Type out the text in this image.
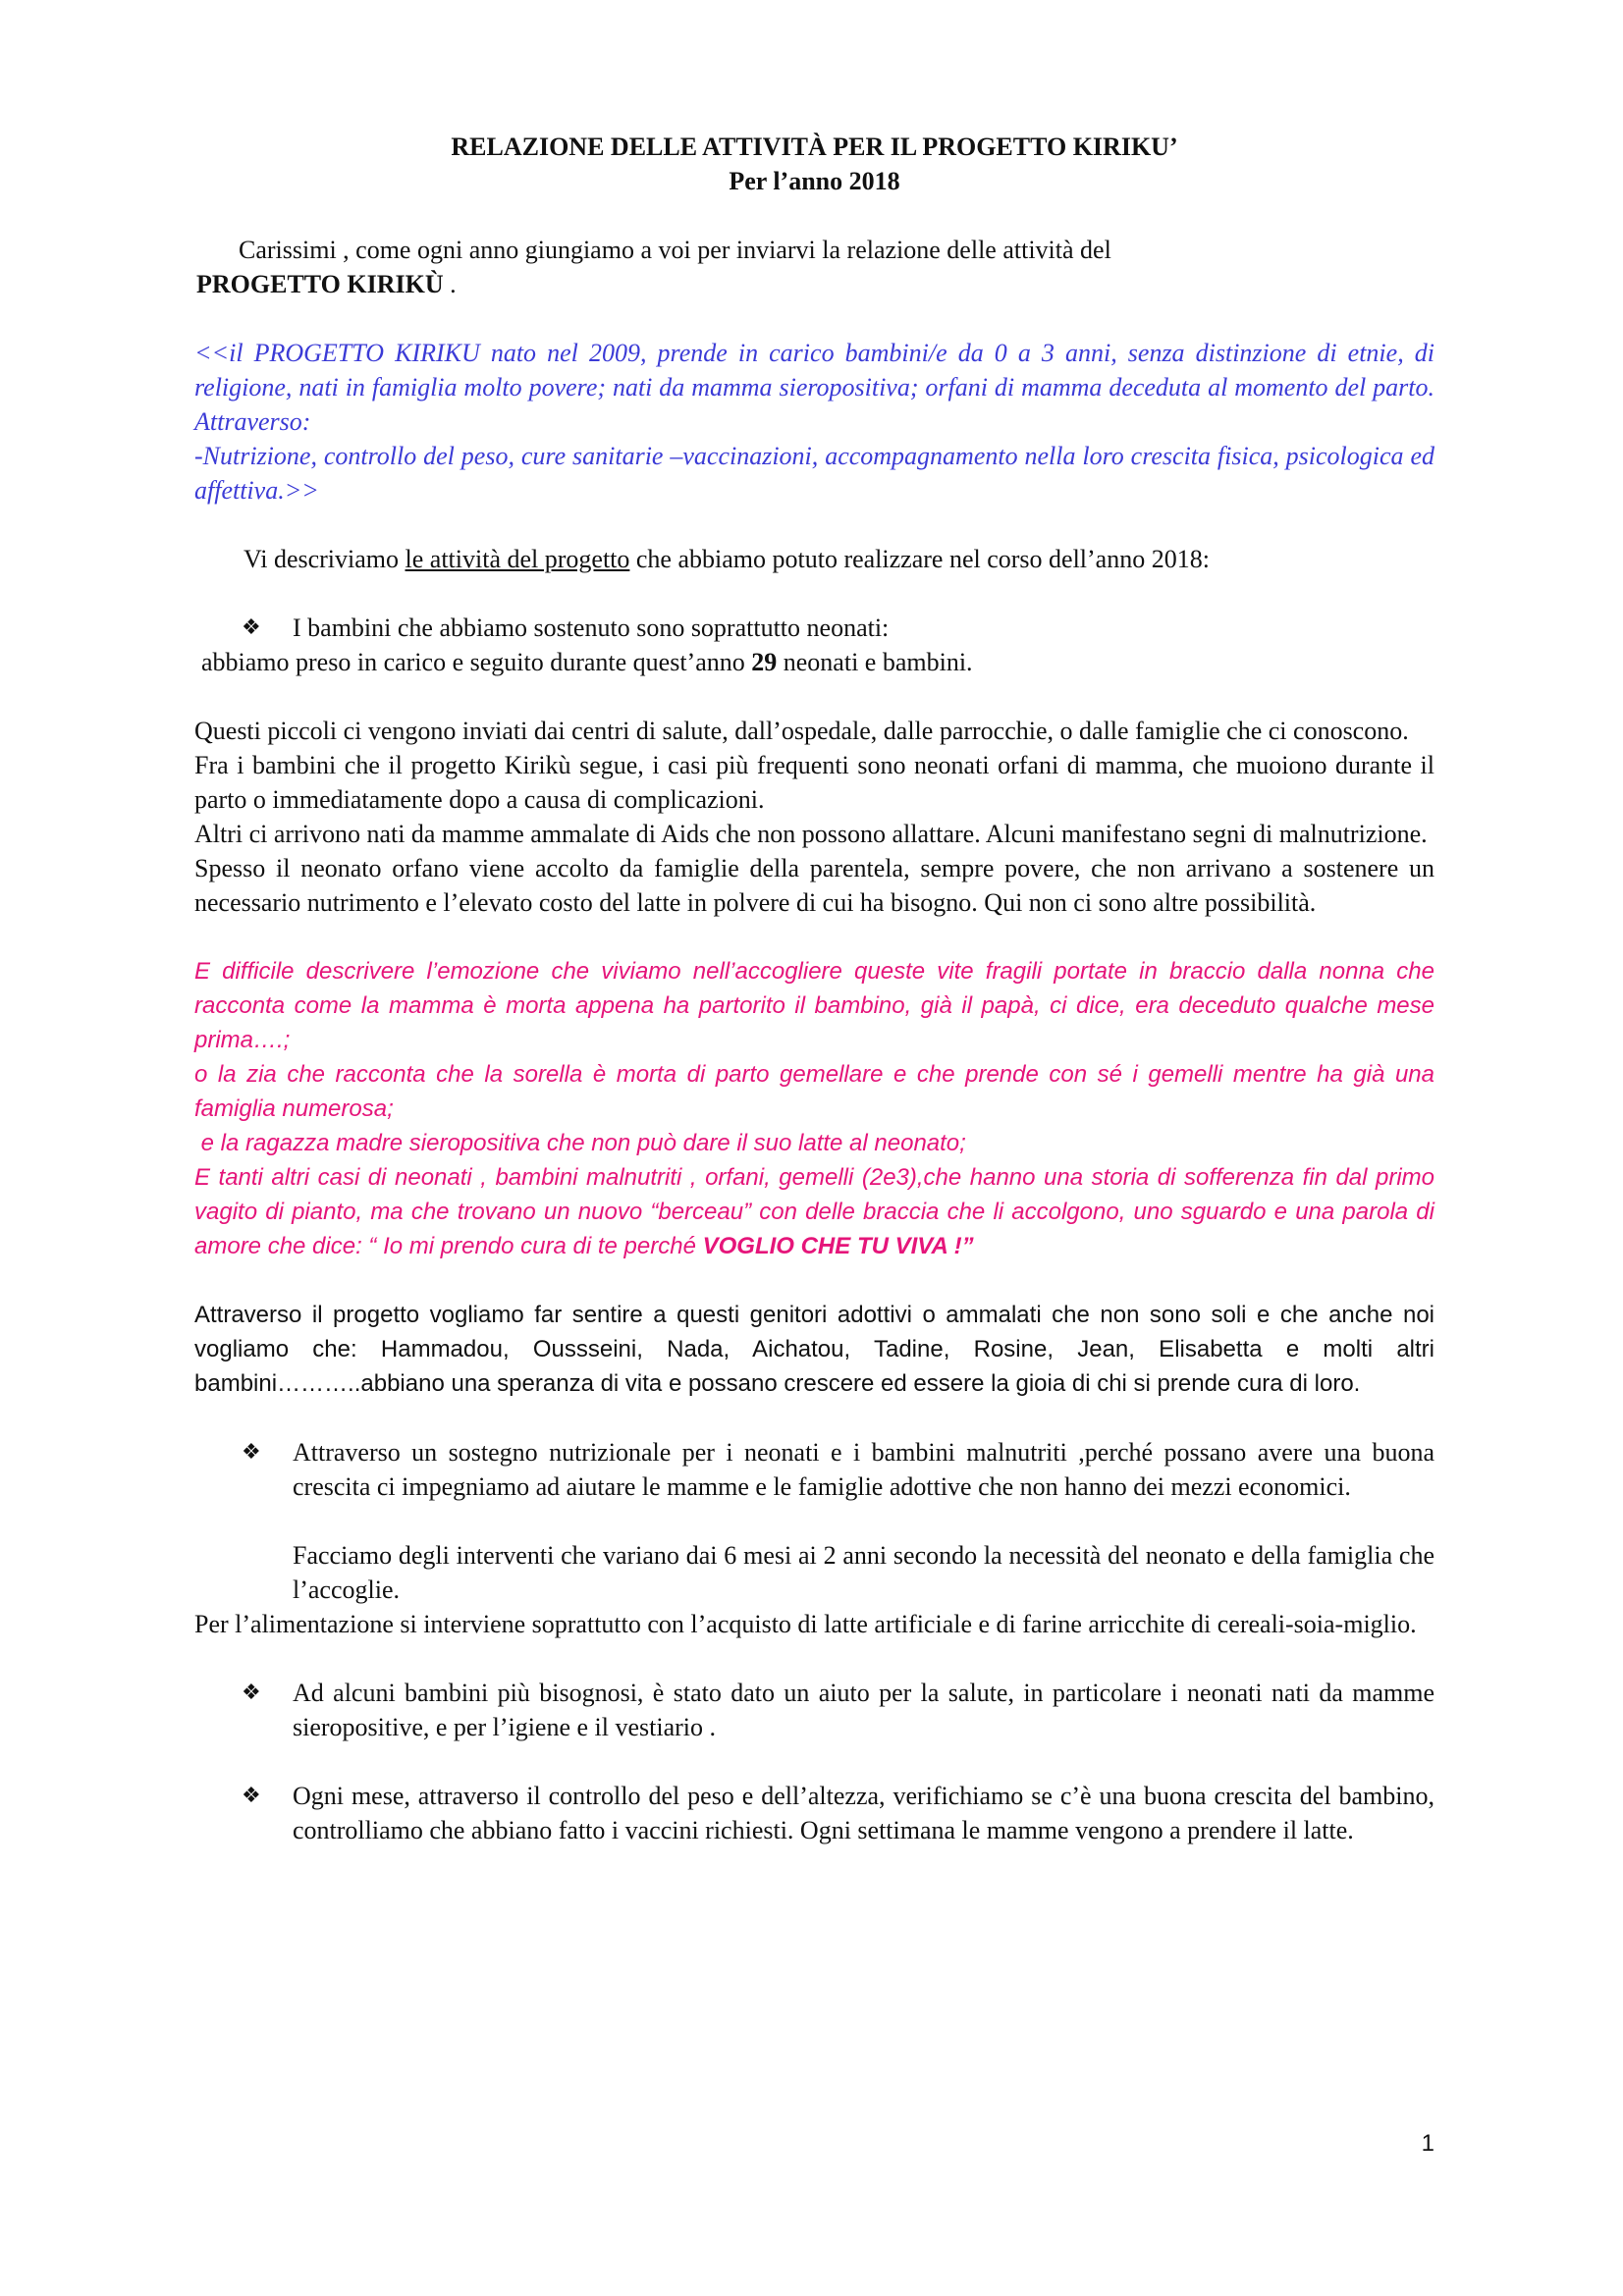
RELAZIONE DELLE ATTIVITÀ PER IL PROGETTO KIRIKU’

Per l’anno 2018

Carissimi , come ogni anno giungiamo a voi per inviarvi la relazione delle attività del

PROGETTO KIRIKÙ .

<<il PROGETTO KIRIKU nato nel 2009, prende in carico bambini/e da 0 a 3 anni, senza distinzione di etnie, di religione, nati in famiglia molto povere; nati da mamma sieropositiva; orfani di mamma deceduta al momento del parto. Attraverso:

-Nutrizione, controllo del peso, cure sanitarie –vaccinazioni, accompagnamento nella loro crescita fisica, psicologica ed affettiva.>>

Vi descriviamo le attività del progetto che abbiamo potuto realizzare nel corso dell’anno 2018:

❖	I bambini che abbiamo sostenuto sono soprattutto neonati:

abbiamo preso in carico e seguito durante quest’anno 29 neonati e bambini.

Questi piccoli ci vengono inviati dai centri di salute, dall’ospedale, dalle parrocchie, o dalle famiglie che ci conoscono.

Fra i bambini che il progetto Kirikù segue, i casi più frequenti sono neonati orfani di mamma, che muoiono durante il parto o immediatamente dopo a causa di complicazioni.

Altri ci arrivono nati da mamme ammalate di Aids che non possono allattare. Alcuni manifestano segni di malnutrizione.

Spesso il neonato orfano viene accolto da famiglie della parentela, sempre povere, che non arrivano a sostenere un necessario nutrimento e l’elevato costo del latte in polvere di cui ha bisogno. Qui non ci sono altre possibilità.

E difficile descrivere l’emozione che viviamo nell’accogliere queste vite fragili portate in braccio dalla nonna che racconta come la mamma è morta appena ha partorito il bambino, già il papà, ci dice, era deceduto qualche mese prima….;

o la zia che racconta che la sorella è morta di parto gemellare e che prende con sé i gemelli mentre ha già una famiglia numerosa;

e la ragazza madre sieropositiva che non può dare il suo latte al neonato;

E tanti altri casi di neonati , bambini malnutriti , orfani, gemelli (2e3),che hanno una storia di sofferenza fin dal primo vagito di pianto, ma che trovano un nuovo “berceau” con delle braccia che li accolgono, uno sguardo e una parola di amore che dice: “ Io mi prendo cura di te perché VOGLIO CHE TU VIVA !”

Attraverso il progetto vogliamo far sentire a questi genitori adottivi o ammalati che non sono soli e che anche noi vogliamo che: Hammadou, Oussseini, Nada, Aichatou, Tadine, Rosine, Jean, Elisabetta e molti altri bambini………..abbiano una speranza di vita e possano crescere ed essere la gioia di chi si prende cura di loro.

❖	Attraverso un sostegno nutrizionale per i neonati e i bambini malnutriti ,perché possano avere una buona crescita ci impegniamo ad aiutare le mamme e le famiglie adottive che non hanno dei mezzi economici.

Facciamo degli interventi che variano dai 6 mesi ai 2 anni secondo la necessità del neonato e della famiglia che l’accoglie.

Per l’alimentazione si interviene soprattutto con l’acquisto di latte artificiale e di farine arricchite di cereali-soia-miglio.

❖	Ad alcuni bambini più bisognosi, è stato dato un aiuto per la salute, in particolare i neonati nati da mamme sieropositive, e per l’igiene e il vestiario .
❖	Ogni mese, attraverso il controllo del peso e dell’altezza, verifichiamo se c’è una buona crescita del bambino, controlliamo che abbiano fatto i vaccini richiesti. Ogni settimana le mamme vengono a prendere il latte.
1
